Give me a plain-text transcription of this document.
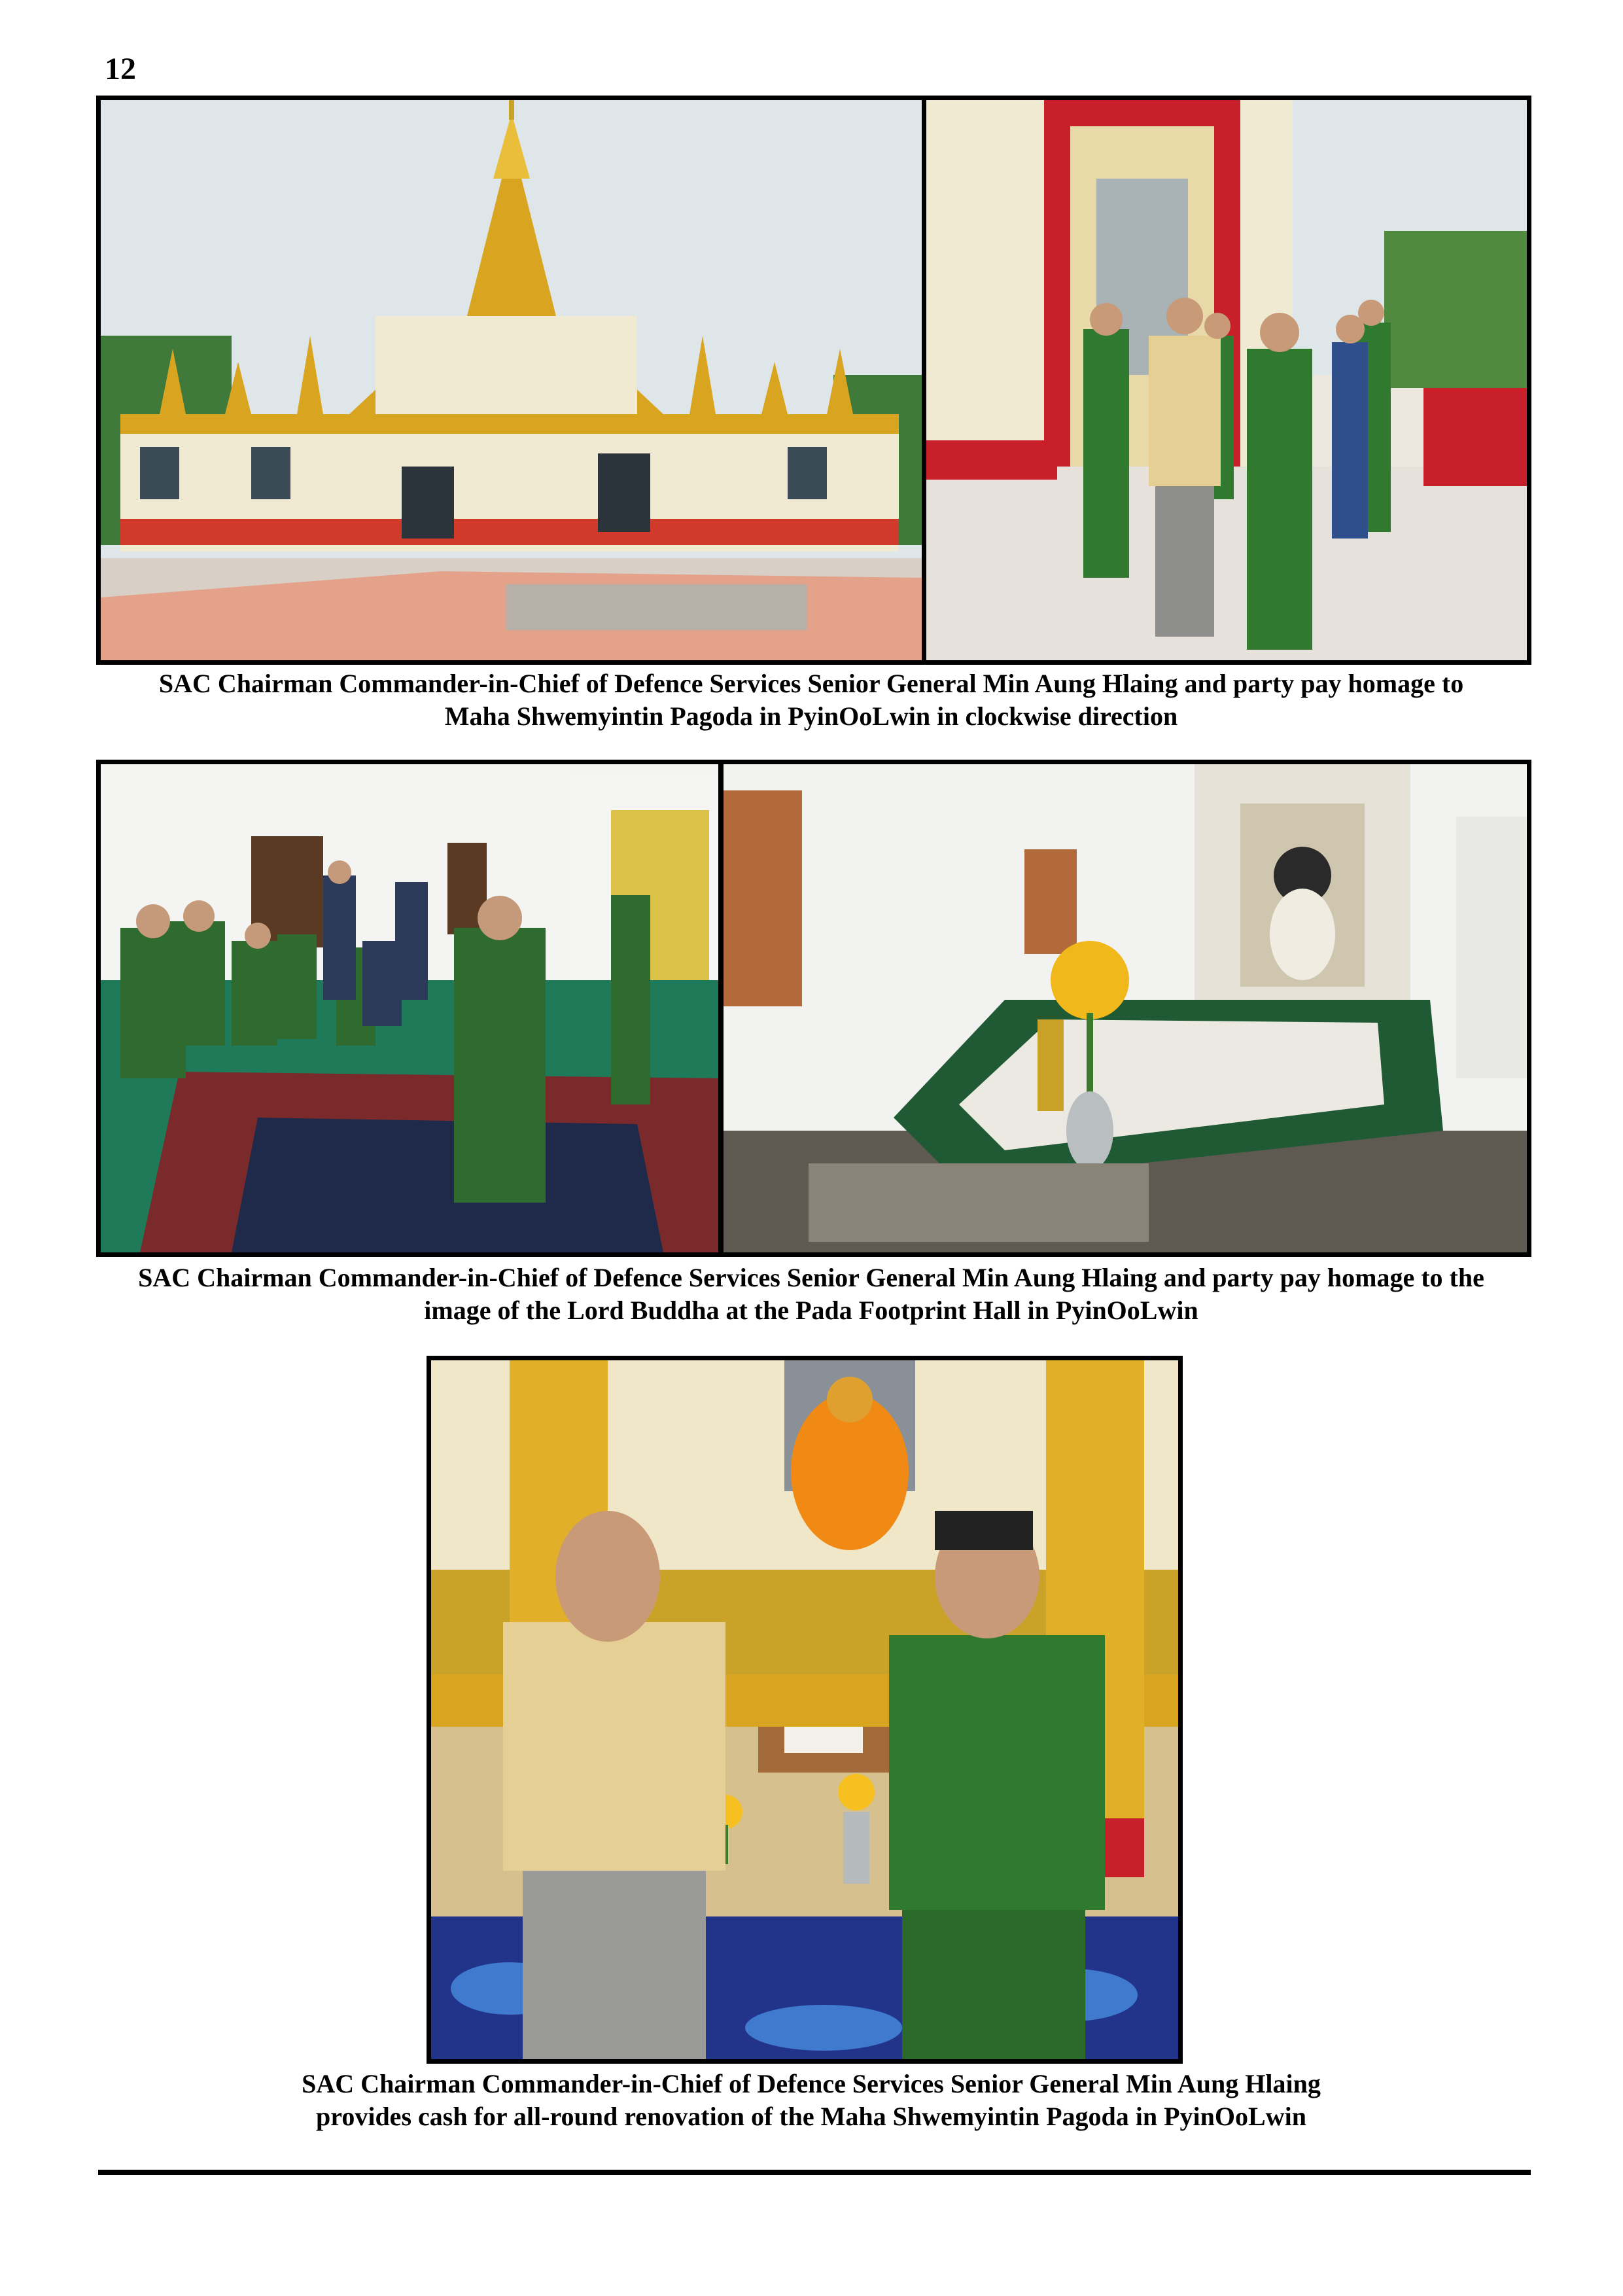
12
SAC Chairman Commander-in-Chief of Defence Services Senior General Min Aung Hlaing and party pay homage to
Maha Shwemyintin Pagoda in PyinOoLwin in clockwise direction
SAC Chairman Commander-in-Chief of Defence Services Senior General Min Aung Hlaing and party pay homage to the
image of the Lord Buddha at the Pada Footprint Hall in PyinOoLwin
SAC Chairman Commander-in-Chief of Defence Services Senior General Min Aung Hlaing
provides cash for all-round renovation of the Maha Shwemyintin Pagoda in PyinOoLwin
